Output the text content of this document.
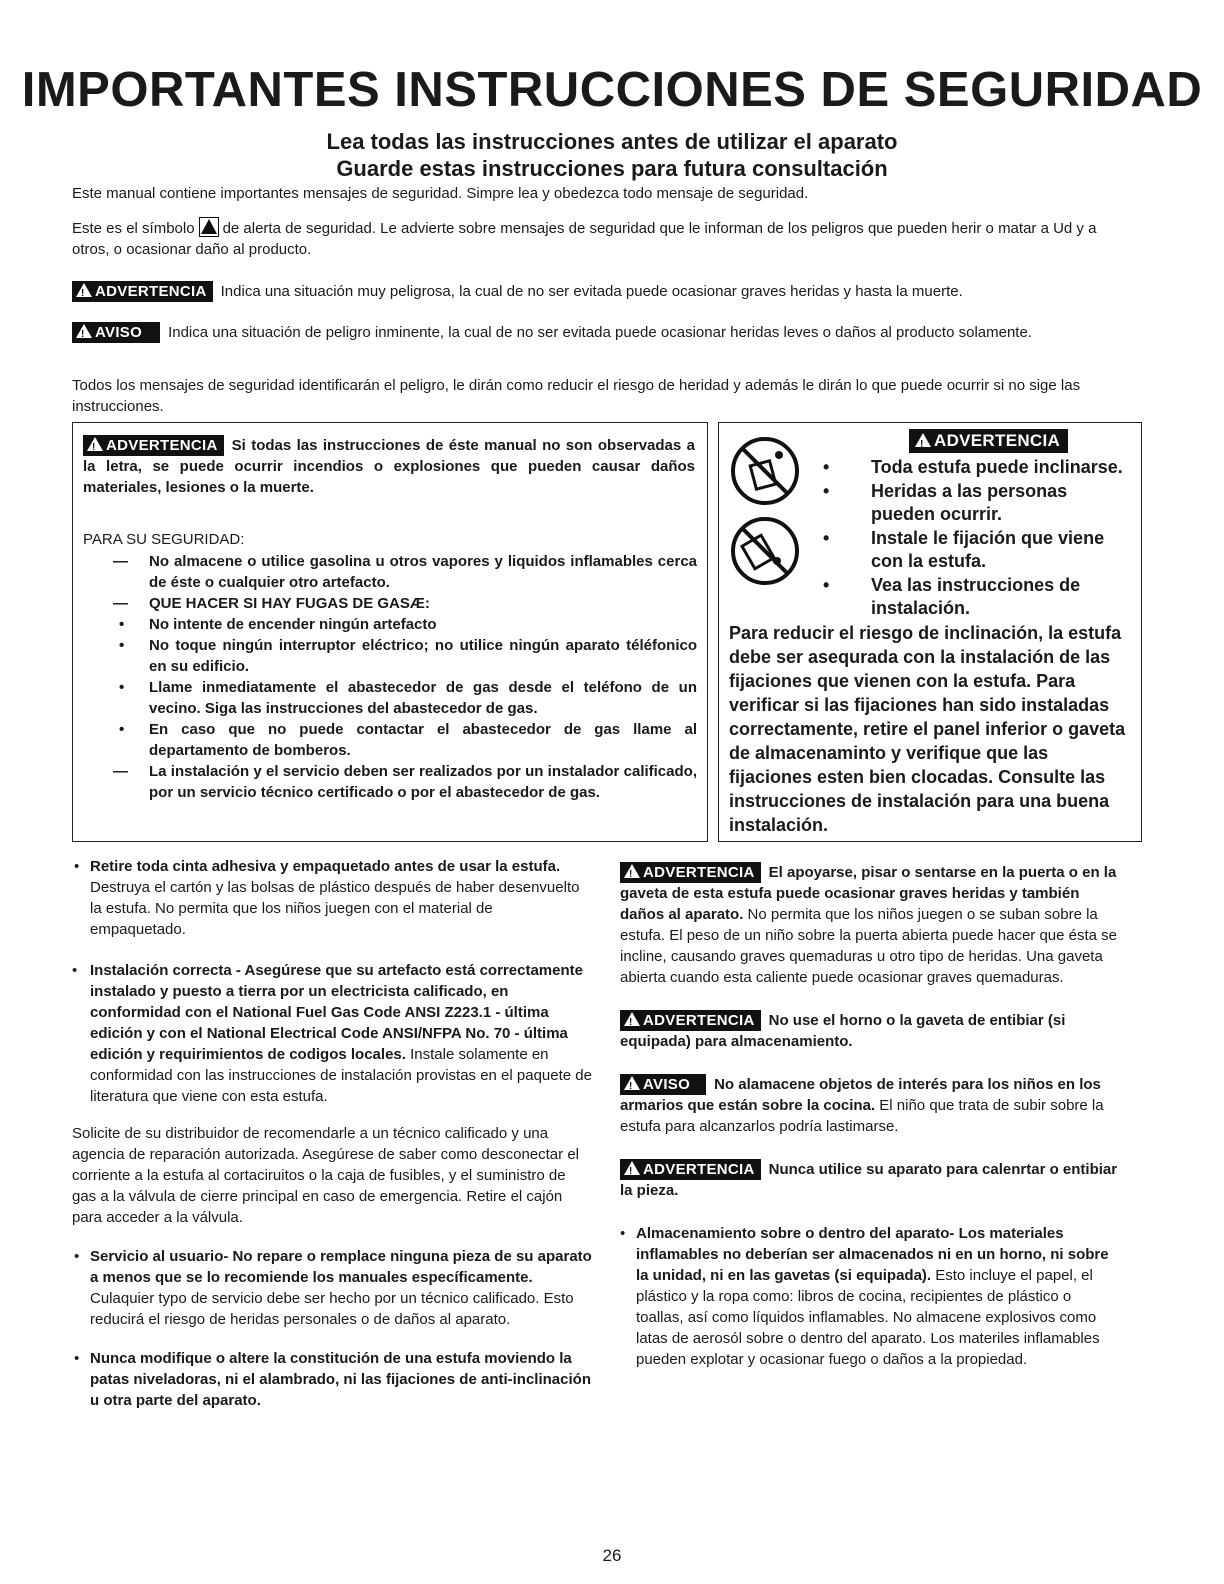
IMPORTANTES INSTRUCCIONES DE SEGURIDAD
Lea todas las instrucciones antes de utilizar el aparato
Guarde estas instrucciones para futura consultación
Este manual contiene importantes mensajes de seguridad. Simpre lea y obedezca todo mensaje de seguridad.
Este es el símbolo de alerta de seguridad. Le advierte sobre mensajes de seguridad que le informan de los peligros que pueden herir o matar a Ud y a otros, o ocasionar daño al producto.
!ADVERTENCIA Indica una situación muy peligrosa, la cual de no ser evitada puede ocasionar graves heridas y hasta la muerte.
!AVISO Indica una situación de peligro inminente, la cual de no ser evitada puede ocasionar heridas leves o daños al producto solamente.
Todos los mensajes de seguridad identificarán el peligro, le dirán como reducir el riesgo de heridad y además le dirán lo que puede ocurrir si no sige las instrucciones.
!ADVERTENCIA Si todas las instrucciones de éste manual no son observadas a la letra, se puede ocurrir incendios o explosiones que pueden causar daños materiales, lesiones o la muerte.
PARA SU SEGURIDAD:
— No almacene o utilice gasolina u otros vapores y liquidos inflamables cerca de éste o cualquier otro artefacto.
— QUE HACER SI HAY FUGAS DE GASÆ:
• No intente de encender ningún artefacto
• No toque ningún interruptor eléctrico; no utilice ningún aparato téléfonico en su edificio.
• Llame inmediatamente el abastecedor de gas desde el teléfono de un vecino. Siga las instrucciones del abastecedor de gas.
• En caso que no puede contactar el abastecedor de gas llame al departamento de bomberos.
— La instalación y el servicio deben ser realizados por un instalador calificado, por un servicio técnico certificado o por el abastecedor de gas.
!ADVERTENCIA
• Toda estufa puede inclinarse.
• Heridas a las personas pueden ocurrir.
• Instale le fijación que viene con la estufa.
• Vea las instrucciones de instalación.
Para reducir el riesgo de inclinación, la estufa debe ser asequrada con la instalación de las fijaciones que vienen con la estufa. Para verificar si las fijaciones han sido instaladas correctamente, retire el panel inferior o gaveta de almacenaminto y verifique que las fijaciones esten bien clocadas. Consulte las instrucciones de instalación para una buena instalación.
• Retire toda cinta adhesiva y empaquetado antes de usar la estufa. Destruya el cartón y las bolsas de plástico después de haber desenvuelto la estufa. No permita que los niños juegen con el material de empaquetado.
• Instalación correcta - Asegúrese que su artefacto está correctamente instalado y puesto a tierra por un electricista calificado, en conformidad con el National Fuel Gas Code ANSI Z223.1 - última edición y con el National Electrical Code ANSI/NFPA No. 70 - última edición y requirimientos de codigos locales. Instale solamente en conformidad con las instrucciones de instalación provistas en el paquete de literatura que viene con esta estufa.
Solicite de su distribuidor de recomendarle a un técnico calificado y una agencia de reparación autorizada. Asegúrese de saber como desconectar el corriente a la estufa al cortaciruitos o la caja de fusibles, y el suministro de gas a la válvula de cierre principal en caso de emergencia. Retire el cajón para acceder a la válvula.
• Servicio al usuario- No repare o remplace ninguna pieza de su aparato a menos que se lo recomiende los manuales específicamente. Culaquier typo de servicio debe ser hecho por un técnico calificado. Esto reducirá el riesgo de heridas personales o de daños al aparato.
• Nunca modifique o altere la constitución de una estufa moviendo la patas niveladoras, ni el alambrado, ni las fijaciones de anti-inclinación u otra parte del aparato.
!ADVERTENCIA El apoyarse, pisar o sentarse en la puerta o en la gaveta de esta estufa puede ocasionar graves heridas y también daños al aparato. No permita que los niños juegen o se suban sobre la estufa. El peso de un niño sobre la puerta abierta puede hacer que ésta se incline, causando graves quemaduras u otro tipo de heridas. Una gaveta abierta cuando esta caliente puede ocasionar graves quemaduras.
!ADVERTENCIA No use el horno o la gaveta de entibiar (si equipada) para almacenamiento.
!AVISO No alamacene objetos de interés para los niños en los armarios que están sobre la cocina. El niño que trata de subir sobre la estufa para alcanzarlos podría lastimarse.
!ADVERTENCIA Nunca utilice su aparato para calenrtar o entibiar la pieza.
• Almacenamiento sobre o dentro del aparato- Los materiales inflamables no deberían ser almacenados ni en un horno, ni sobre la unidad, ni en las gavetas (si equipada). Esto incluye el papel, el plástico y la ropa como: libros de cocina, recipientes de plástico o toallas, así como líquidos inflamables. No almacene explosivos como latas de aerosól sobre o dentro del aparato. Los materiles inflamables pueden explotar y ocasionar fuego o daños a la propiedad.
26
